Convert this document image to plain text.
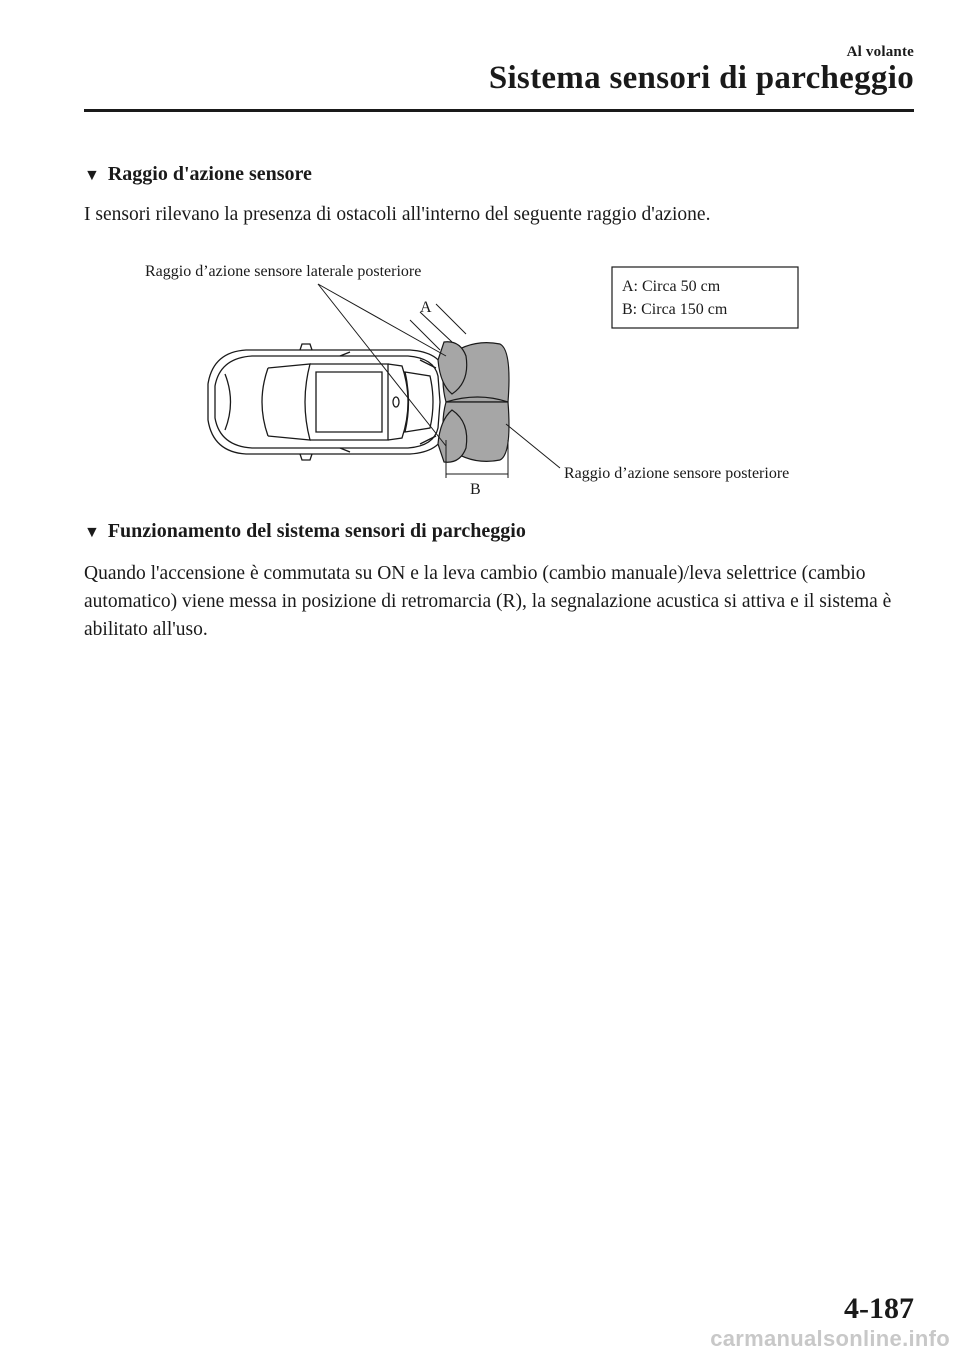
Al volante
Sistema sensori di parcheggio
▼ Raggio d'azione sensore
I sensori rilevano la presenza di ostacoli all'interno del seguente raggio d'azione.
Raggio d’azione sensore laterale posteriore
A: Circa 50 cm
B: Circa 150 cm
A
B
Raggio d’azione sensore posteriore
▼ Funzionamento del sistema sensori di parcheggio
Quando l'accensione è commutata su ON e la leva cambio (cambio manuale)/leva selettrice (cambio automatico) viene messa in posizione di retromarcia (R), la segnalazione acustica si attiva e il sistema è abilitato all'uso.
4-187
carmanualsonline.info
